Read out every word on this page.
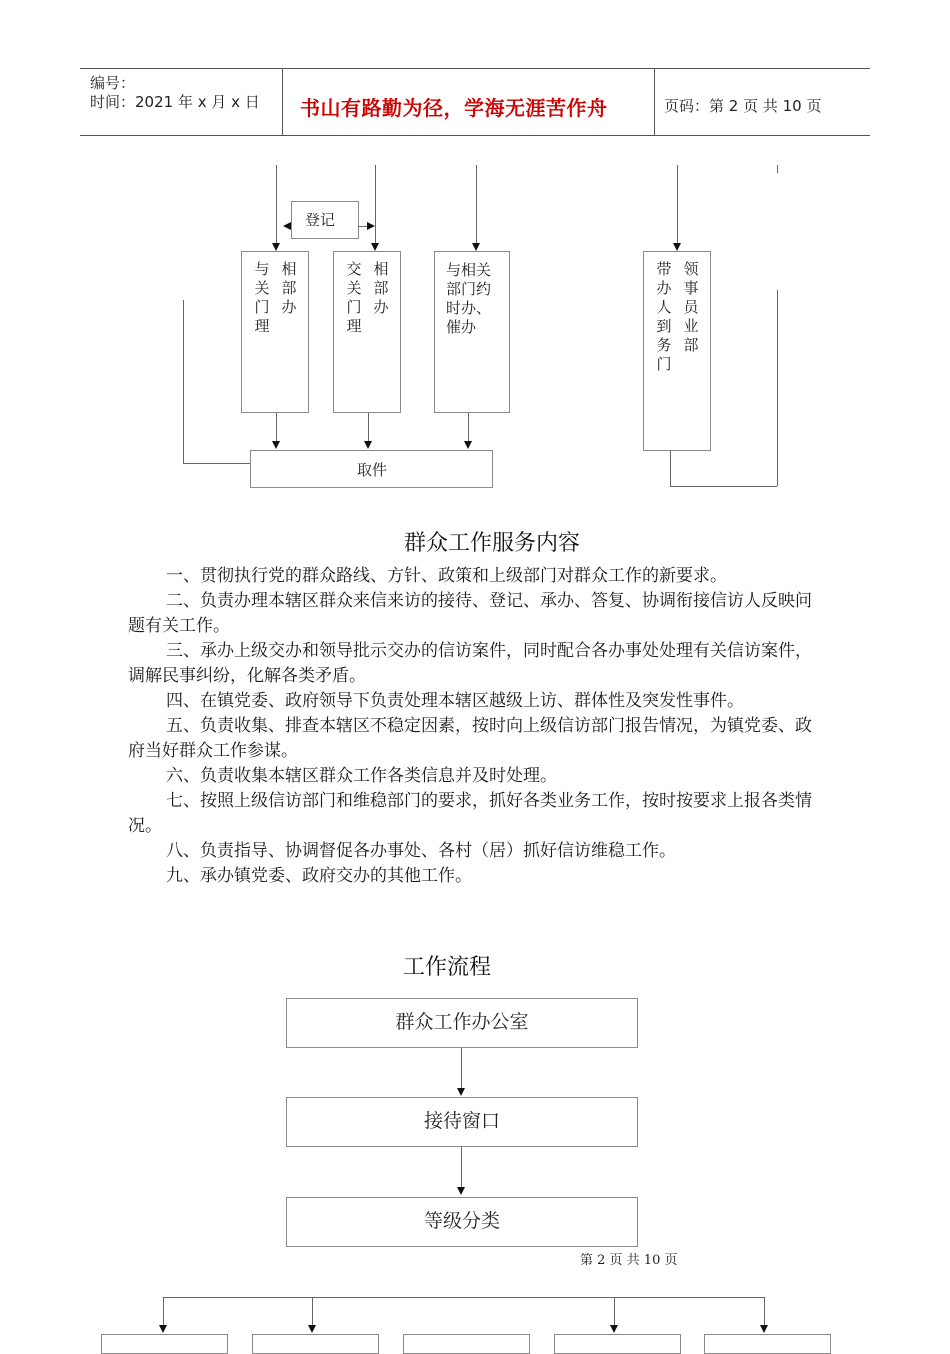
编号：
时间：2021 年 x 月 x 日 书山有路勤为径，学海无涯苦作舟	页码：第 2 页 共 10 页
登记
与关门理
相部办
交关门理
相部办
与相关
部门约
时办、
催办
带办人到务门
领事员业部
取件
群众工作服务内容

一、贯彻执行党的群众路线、方针、政策和上级部门对群众工作的新要求。

二、负责办理本辖区群众来信来访的接待、登记、承办、答复、协调衔接信访人反映问题有关工作。

三、承办上级交办和领导批示交办的信访案件，同时配合各办事处处理有关信访案件，调解民事纠纷，化解各类矛盾。

四、在镇党委、政府领导下负责处理本辖区越级上访、群体性及突发性事件。

五、负责收集、排查本辖区不稳定因素，按时向上级信访部门报告情况，为镇党委、政府当好群众工作参谋。

六、负责收集本辖区群众工作各类信息并及时处理。

七、按照上级信访部门和维稳部门的要求，抓好各类业务工作，按时按要求上报各类情况。

八、负责指导、协调督促各办事处、各村（居）抓好信访维稳工作。

九、承办镇党委、政府交办的其他工作。

工作流程
群众工作办公室
接待窗口
等级分类
第 2 页 共 10 页
